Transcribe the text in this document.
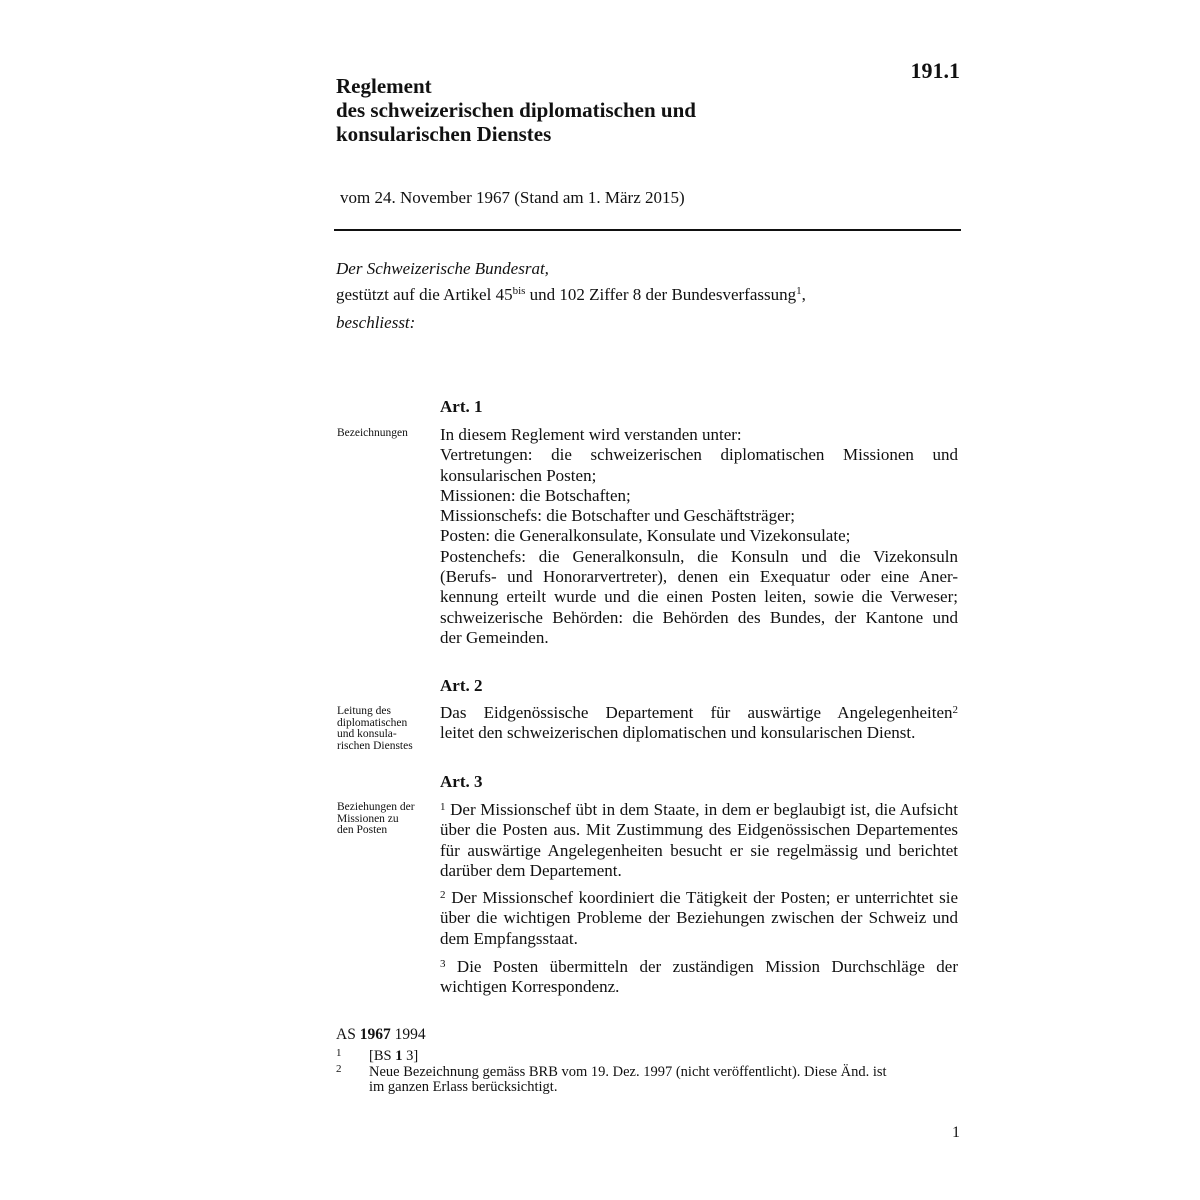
191.1
Reglement
des schweizerischen diplomatischen und
konsularischen Dienstes
vom 24. November 1967 (Stand am 1. März 2015)
Der Schweizerische Bundesrat,
gestützt auf die Artikel $45^{bis}$ und 102 Ziffer 8 der Bundesverfassung$^1$,
beschliesst:
Art. 1
Bezeichnungen	In diesem Reglement wird verstanden unter:
Vertretungen: die schweizerischen diplomatischen Missionen und
konsularischen Posten;
Missionen: die Botschaften;
Missionschefs: die Botschafter und Geschäftsträger;
Posten: die Generalkonsulate, Konsulate und Vizekonsulate;
Postenchefs: die Generalkonsuln, die Konsuln und die Vizekonsuln
(Berufs- und Honorarvertreter), denen ein Exequatur oder eine Aner-
kennung erteilt wurde und die einen Posten leiten, sowie die Verweser;
schweizerische Behörden: die Behörden des Bundes, der Kantone und
der Gemeinden.
Art. 2
Leitung des
diplomatischen
und konsula-
rischen Dienstes
Das Eidgenössische Departement für auswärtige Angelegenheiten$^2$
leitet den schweizerischen diplomatischen und konsularischen Dienst.
Art. 3
Beziehungen der
Missionen zu
den Posten
$^1$ Der Missionschef übt in dem Staate, in dem er beglaubigt ist, die Aufsicht über die Posten aus. Mit Zustimmung des Eidgenössischen Departementes für auswärtige Angelegenheiten besucht er sie regelmässig und berichtet darüber dem Departement.
$^2$ Der Missionschef koordiniert die Tätigkeit der Posten; er unterrichtet sie über die wichtigen Probleme der Beziehungen zwischen der Schweiz und dem Empfangsstaat.
$^3$ Die Posten übermitteln der zuständigen Mission Durchschläge der wichtigen Korrespondenz.
AS 1967 1994
1 [BS 1 3]
2 Neue Bezeichnung gemäss BRB vom 19. Dez. 1997 (nicht veröffentlicht). Diese Änd. ist
im ganzen Erlass berücksichtigt.
1
